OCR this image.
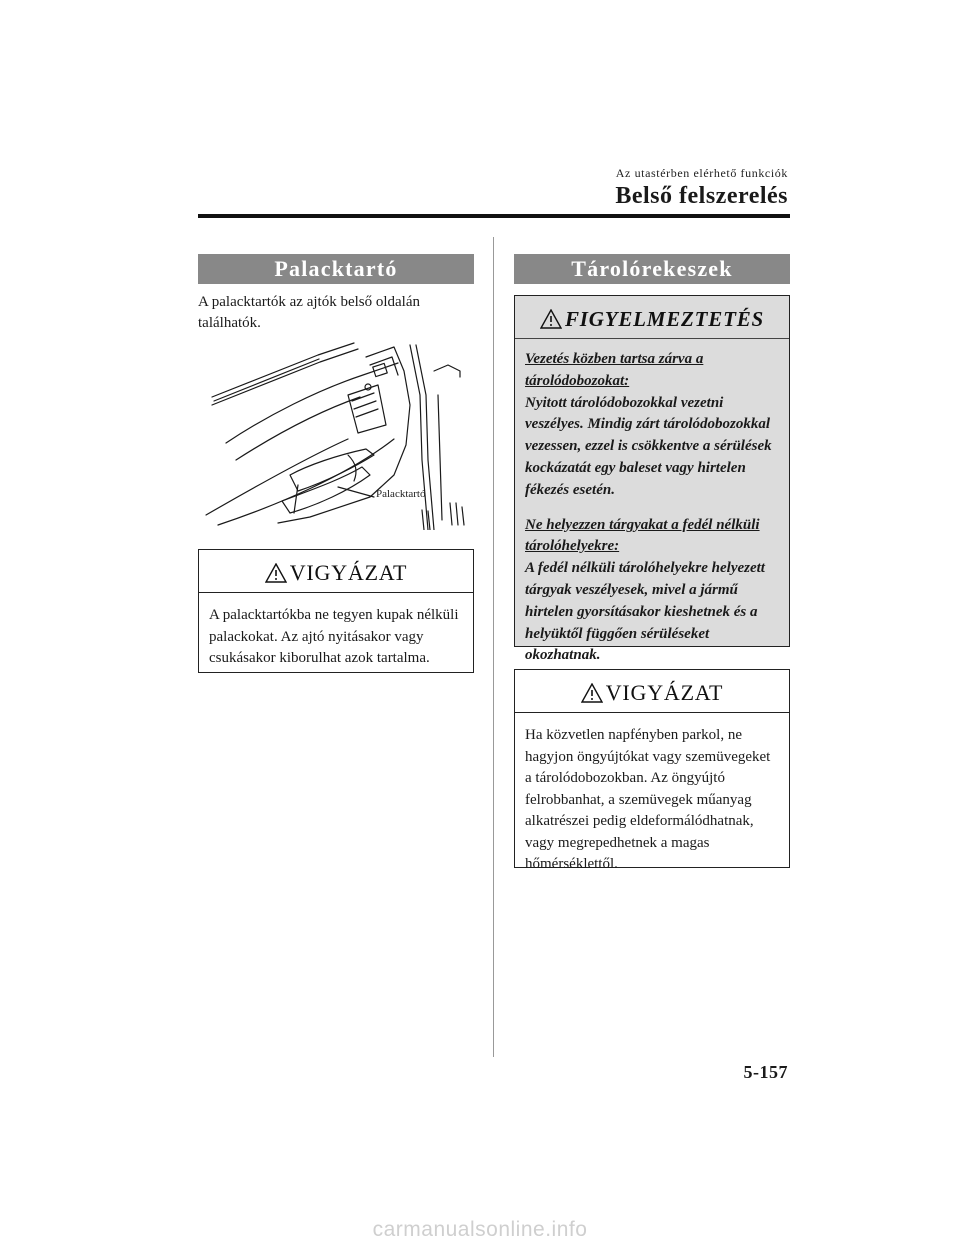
Az utastérben elérhető funkciók
Belső felszerelés
Palacktartó
A palacktartók az ajtók belső oldalán találhatók.
Palacktartó
VIGYÁZAT
A palacktartókba ne tegyen kupak nélküli palackokat. Az ajtó nyitásakor vagy csukásakor kiborulhat azok tartalma.
Tárolórekeszek
FIGYELMEZTETÉS
Vezetés közben tartsa zárva a tárolódobozokat:
Nyitott tárolódobozokkal vezetni veszélyes. Mindig zárt tárolódobozokkal vezessen, ezzel is csökkentve a sérülések kockázatát egy baleset vagy hirtelen fékezés esetén.
Ne helyezzen tárgyakat a fedél nélküli tárolóhelyekre:
A fedél nélküli tárolóhelyekre helyezett tárgyak veszélyesek, mivel a jármű hirtelen gyorsításakor kieshetnek és a helyüktől függően sérüléseket okozhatnak.
VIGYÁZAT
Ha közvetlen napfényben parkol, ne hagyjon öngyújtókat vagy szemüvegeket a tárolódobozokban. Az öngyújtó felrobbanhat, a szemüvegek műanyag alkatrészei pedig eldeformálódhatnak, vagy megrepedhetnek a magas hőmérséklettől.
5-157
carmanualsonline.info
